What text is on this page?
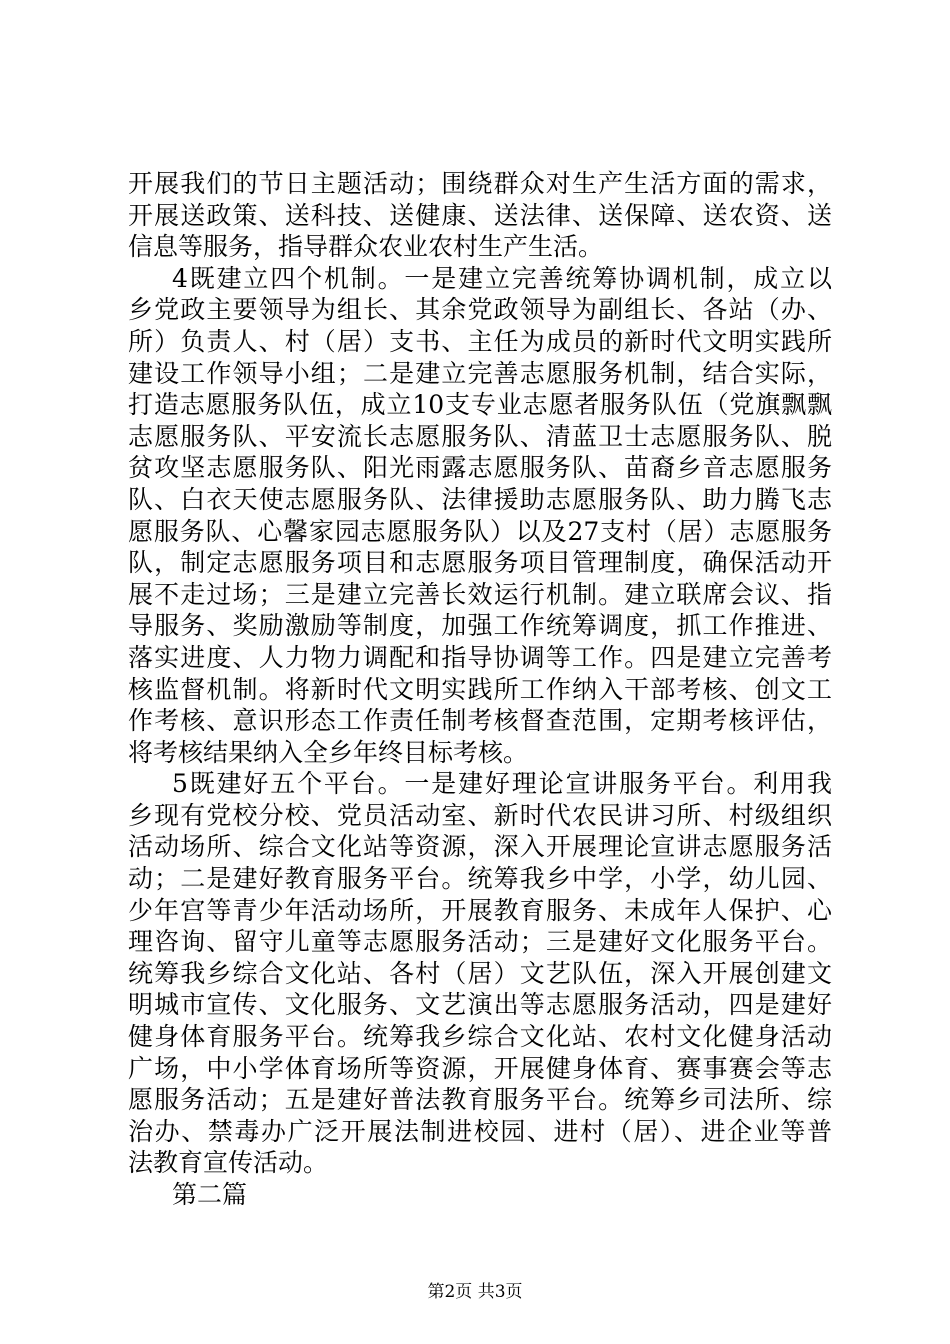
开展我们的节日主题活动；围绕群众对生产生活方面的需求，
开展送政策、送科技、送健康、送法律、送保障、送农资、送
信息等服务，指导群众农业农村生产生活。
4既建立四个机制。一是建立完善统筹协调机制，成立以
乡党政主要领导为组长、其余党政领导为副组长、各站（办、
所）负责人、村（居）支书、主任为成员的新时代文明实践所
建设工作领导小组；二是建立完善志愿服务机制，结合实际，
打造志愿服务队伍，成立10支专业志愿者服务队伍（党旗飘飘
志愿服务队、平安流长志愿服务队、清蓝卫士志愿服务队、脱
贫攻坚志愿服务队、阳光雨露志愿服务队、苗裔乡音志愿服务
队、白衣天使志愿服务队、法律援助志愿服务队、助力腾飞志
愿服务队、心馨家园志愿服务队）以及27支村（居）志愿服务
队，制定志愿服务项目和志愿服务项目管理制度，确保活动开
展不走过场；三是建立完善长效运行机制。建立联席会议、指
导服务、奖励激励等制度，加强工作统筹调度，抓工作推进、
落实进度、人力物力调配和指导协调等工作。四是建立完善考
核监督机制。将新时代文明实践所工作纳入干部考核、创文工
作考核、意识形态工作责任制考核督查范围，定期考核评估，
将考核结果纳入全乡年终目标考核。
5既建好五个平台。一是建好理论宣讲服务平台。利用我
乡现有党校分校、党员活动室、新时代农民讲习所、村级组织
活动场所、综合文化站等资源，深入开展理论宣讲志愿服务活
动；二是建好教育服务平台。统筹我乡中学，小学，幼儿园、
少年宫等青少年活动场所，开展教育服务、未成年人保护、心
理咨询、留守儿童等志愿服务活动；三是建好文化服务平台。
统筹我乡综合文化站、各村（居）文艺队伍，深入开展创建文
明城市宣传、文化服务、文艺演出等志愿服务活动，四是建好
健身体育服务平台。统筹我乡综合文化站、农村文化健身活动
广场，中小学体育场所等资源，开展健身体育、赛事赛会等志
愿服务活动；五是建好普法教育服务平台。统筹乡司法所、综
治办、禁毒办广泛开展法制进校园、进村（居）、进企业等普
法教育宣传活动。
第二篇
第2页 共3页
